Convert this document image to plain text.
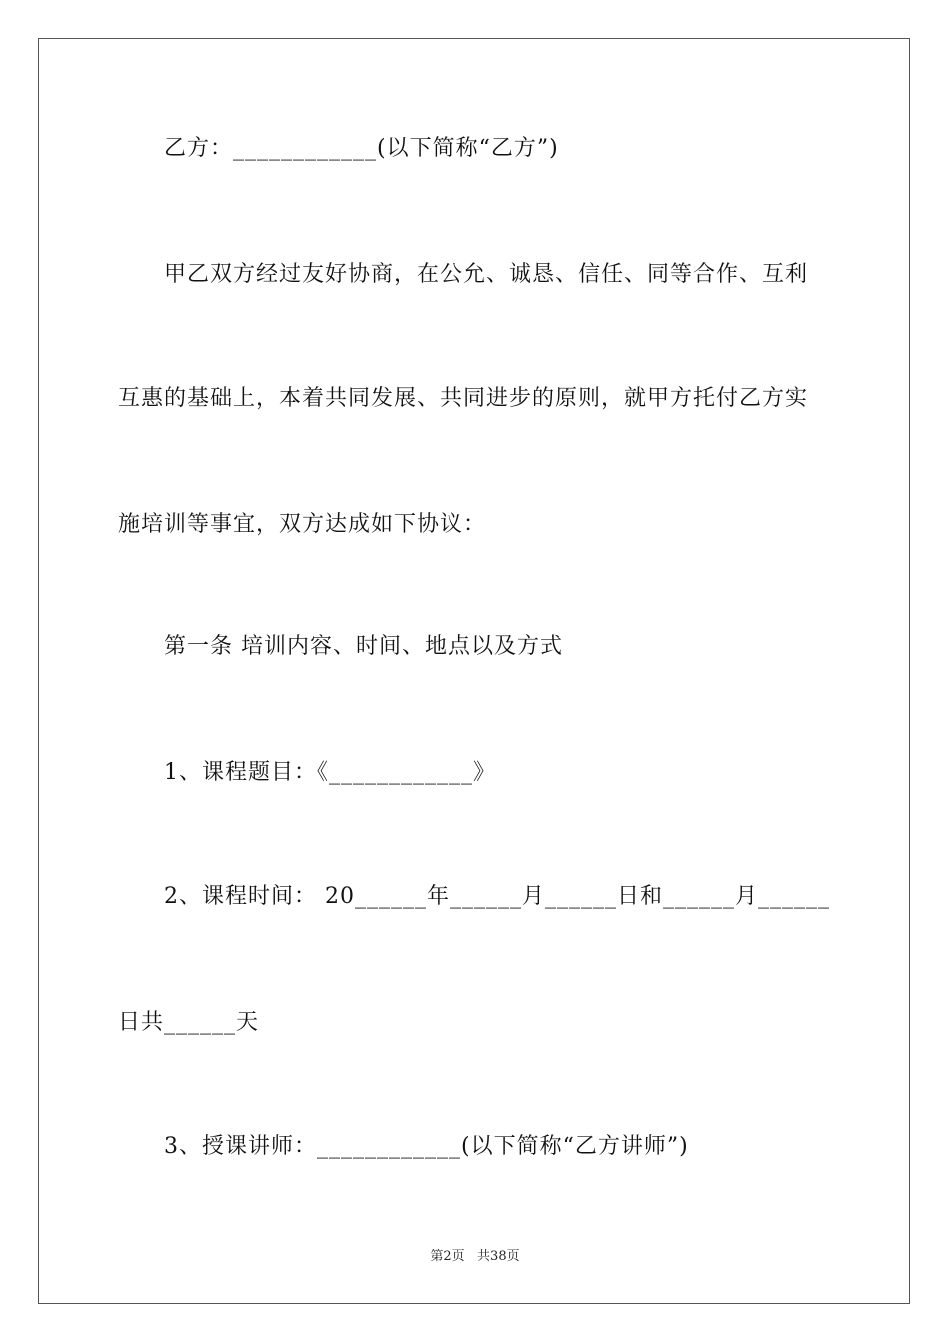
乙方：____________(以下简称“乙方”)
甲乙双方经过友好协商，在公允、诚恳、信任、同等合作、互利
互惠的基础上，本着共同发展、共同进步的原则，就甲方托付乙方实
施培训等事宜，双方达成如下协议：
第一条 培训内容、时间、地点以及方式
1、课程题目：《____________》
2、课程时间： 20______年______月______日和______月______
日共______天
3、授课讲师：____________(以下简称“乙方讲师”)
第2页   共38页
